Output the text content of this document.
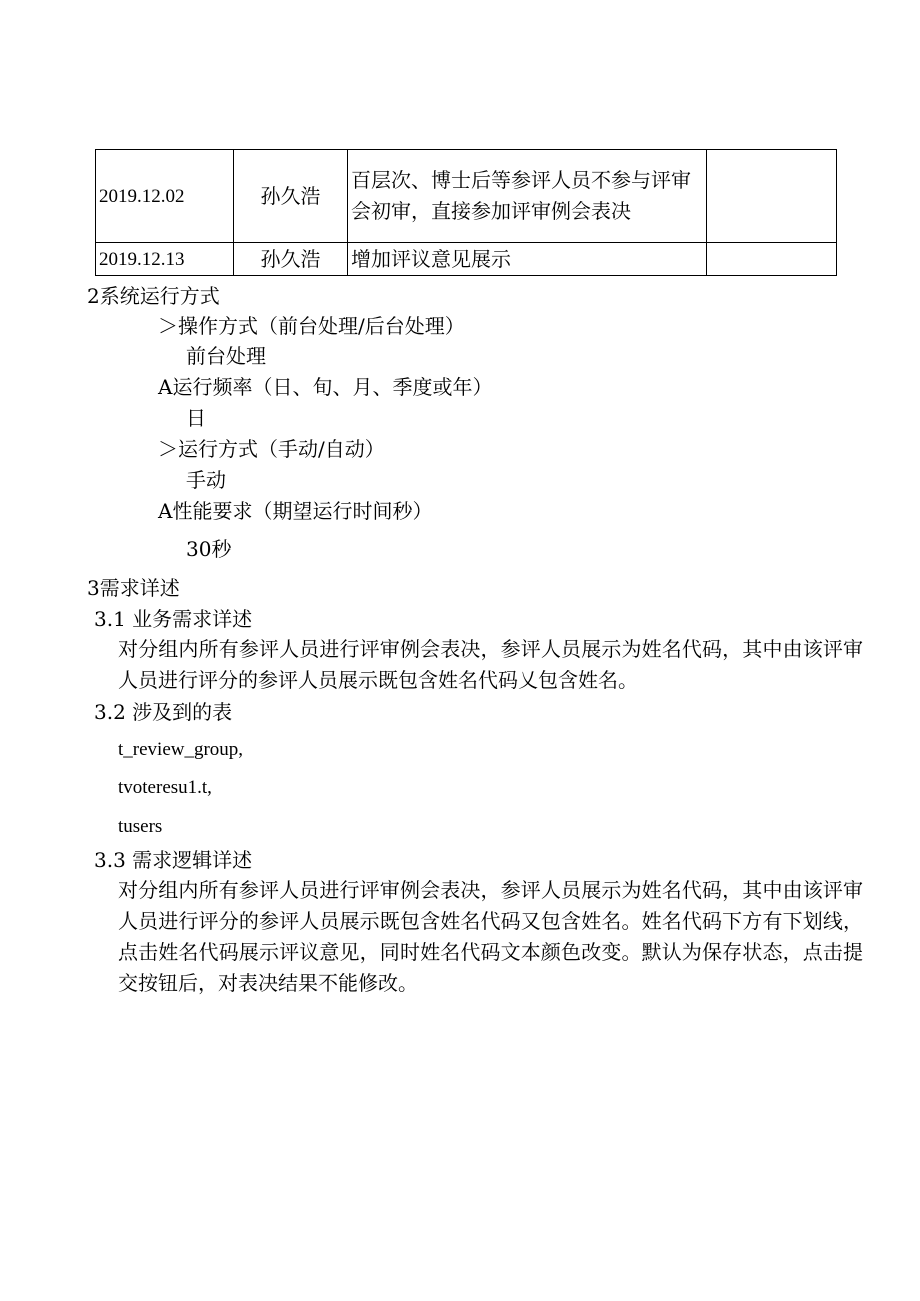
2019.12.02	孙久浩	百层次、博士后等参评人员不参与评审会初审，直接参加评审例会表决	
2019.12.13	孙久浩	增加评议意见展示	
2系统运行方式
＞操作方式（前台处理/后台处理）
前台处理
A运行频率（日、旬、月、季度或年）
日
＞运行方式（手动/自动）
手动
A性能要求（期望运行时间秒）
30秒
3需求详述
3.1 业务需求详述
对分组内所有参评人员进行评审例会表决，参评人员展示为姓名代码，其中由该评审人员进行评分的参评人员展示既包含姓名代码乂包含姓名。
3.2 涉及到的表
t_review_group,
tvoteresu1.t,
tusers
3.3 需求逻辑详述
对分组内所有参评人员进行评审例会表决，参评人员展示为姓名代码，其中由该评审人员进行评分的参评人员展示既包含姓名代码又包含姓名。姓名代码下方有下划线，点击姓名代码展示评议意见，同时姓名代码文本颜色改变。默认为保存状态，点击提交按钮后，对表决结果不能修改。
